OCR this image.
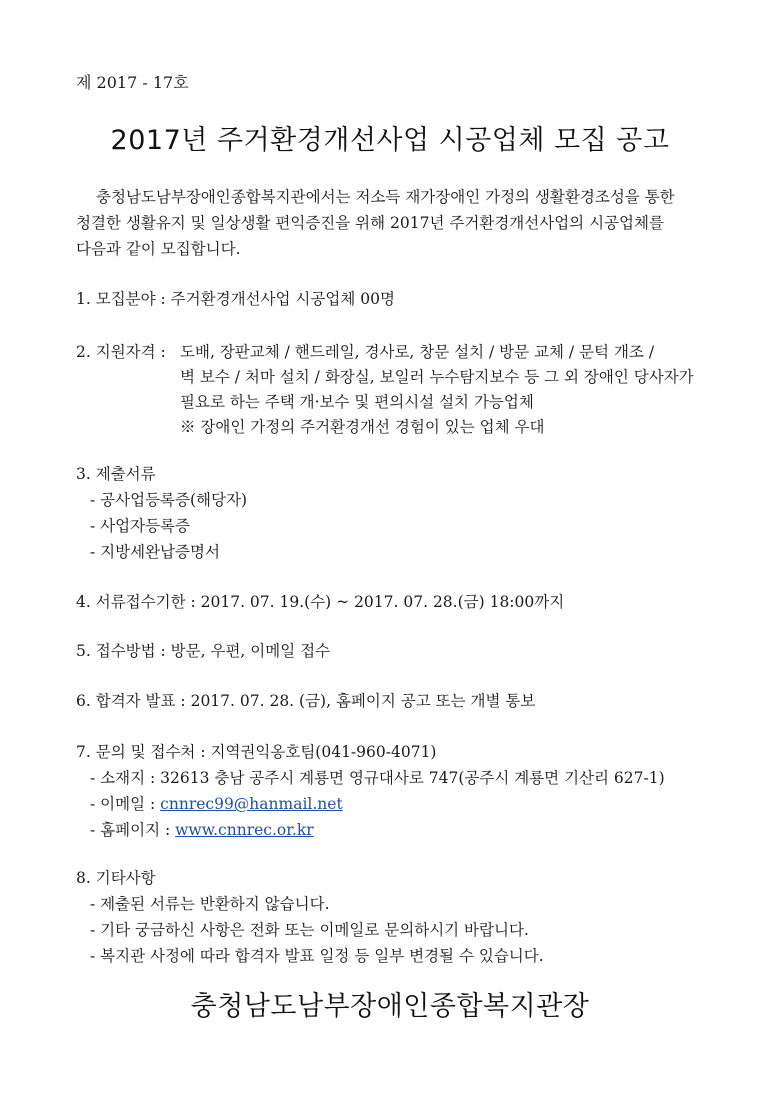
제 2017 - 17호
2017년 주거환경개선사업 시공업체 모집 공고
충청남도남부장애인종합복지관에서는 저소득 재가장애인 가정의 생활환경조성을 통한
청결한 생활유지 및 일상생활 편익증진을 위해 2017년 주거환경개선사업의 시공업체를
다음과 같이 모집합니다.
1. 모집분야 : 주거환경개선사업 시공업체 00명
2. 지원자격 : 도배, 장판교체 / 핸드레일, 경사로, 창문 설치 / 방문 교체 / 문턱 개조 /
벽 보수 / 처마 설치 / 화장실, 보일러 누수탐지보수 등 그 외 장애인 당사자가
필요로 하는 주택 개·보수 및 편의시설 설치 가능업체
※ 장애인 가정의 주거환경개선 경험이 있는 업체 우대
3. 제출서류
- 공사업등록증(해당자)
- 사업자등록증
- 지방세완납증명서
4. 서류접수기한 : 2017. 07. 19.(수) ~ 2017. 07. 28.(금) 18:00까지
5. 접수방법 : 방문, 우편, 이메일 접수
6. 합격자 발표 : 2017. 07. 28. (금), 홈페이지 공고 또는 개별 통보
7. 문의 및 접수처 : 지역권익옹호팀(041-960-4071)
- 소재지 : 32613 충남 공주시 계룡면 영규대사로 747(공주시 계룡면 기산리 627-1)
- 이메일 : cnnrec99@hanmail.net
- 홈페이지 : www.cnnrec.or.kr
8. 기타사항
- 제출된 서류는 반환하지 않습니다.
- 기타 궁금하신 사항은 전화 또는 이메일로 문의하시기 바랍니다.
- 복지관 사정에 따라 합격자 발표 일정 등 일부 변경될 수 있습니다.
충청남도남부장애인종합복지관장
